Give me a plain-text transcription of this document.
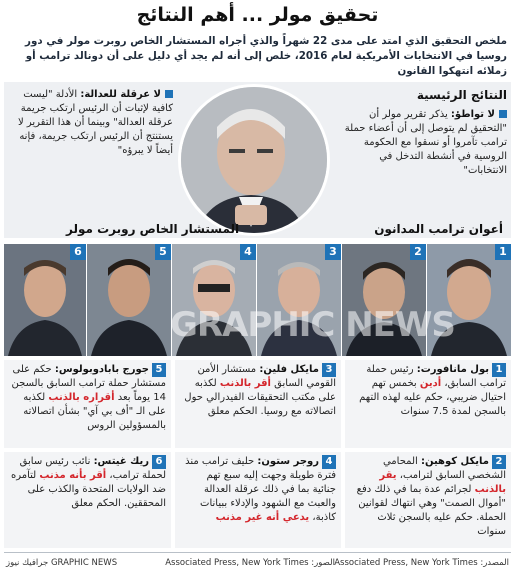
تحقيق مولر ... أهم النتائج
ملخص التحقيق الذي امتد على مدى 22 شهراً والذي أجراه المستشار الخاص روبرت مولر في دور روسيا في الانتخابات الأمريكية لعام 2016، خلص إلى أنه لم يجد أي دليل على أن دونالد ترامب أو زملائه انتهكوا القانون
النتائج الرئيسية
لا تواطؤ: يذكر تقرير مولر أن "التحقيق لم يتوصل إلى أن أعضاء حملة ترامب تآمروا أو نسقوا مع الحكومة الروسية في أنشطة التدخل في الانتخابات"
لا عرقلة للعدالة: الأدلة "ليست كافية لإثبات أن الرئيس ارتكب جريمة عرقلة العدالة" وبينما أن هذا التقرير لا يستنتج أن الرئيس ارتكب جريمة، فإنه أيضاً لا يبرؤه"
المستشار الخاص روبرت مولر	أعوان ترامب المدانون
1
2
3
4
5
6
GRAPHIC NEWS
1بول مانافورت: رئيس حملة ترامب السابق، أدين بخمس تهم احتيال ضريبي، حكم عليه لهذه التهم بالسجن لمدة 7.5 سنوات
3مايكل فلين: مستشار الأمن القومي السابق أقر بالذنب لكذبه على مكتب التحقيقات الفيدرالي حول اتصالاته مع روسيا. الحكم معلق
5جورج بابادوبولوس: حكم على مستشار حملة ترامب السابق بالسجن 14 يوماً بعد أقراره بالذنب لكذبه على الـ "أف بي آي" بشأن اتصالاته بالمسؤولين الروس
2مايكل كوهين: المحامي الشخصي السابق لترامب، يقر بالذنب لجرائم عدة بما في ذلك دفع "أموال الصمت" وهي انتهاك لقوانين الحملة. حكم عليه بالسجن ثلاث سنوات
4روجر ستون: حليف ترامب منذ فترة طويلة وجهت إليه سبع تهم جنائية بما في ذلك عرقلة العدالة والعبث مع الشهود والإدلاء ببيانات كاذبة، يدعي أنه غير مذنب
6ريك غيتس: نائب رئيس سابق لحملة ترامب، أقر بأنه مذنب لتآمره ضد الولايات المتحدة والكذب على المحققين. الحكم معلق
المصدر: Associated Press, New York Times
الصور: Associated Press, New York Times
GRAPHIC NEWS جرافيك نيوز
